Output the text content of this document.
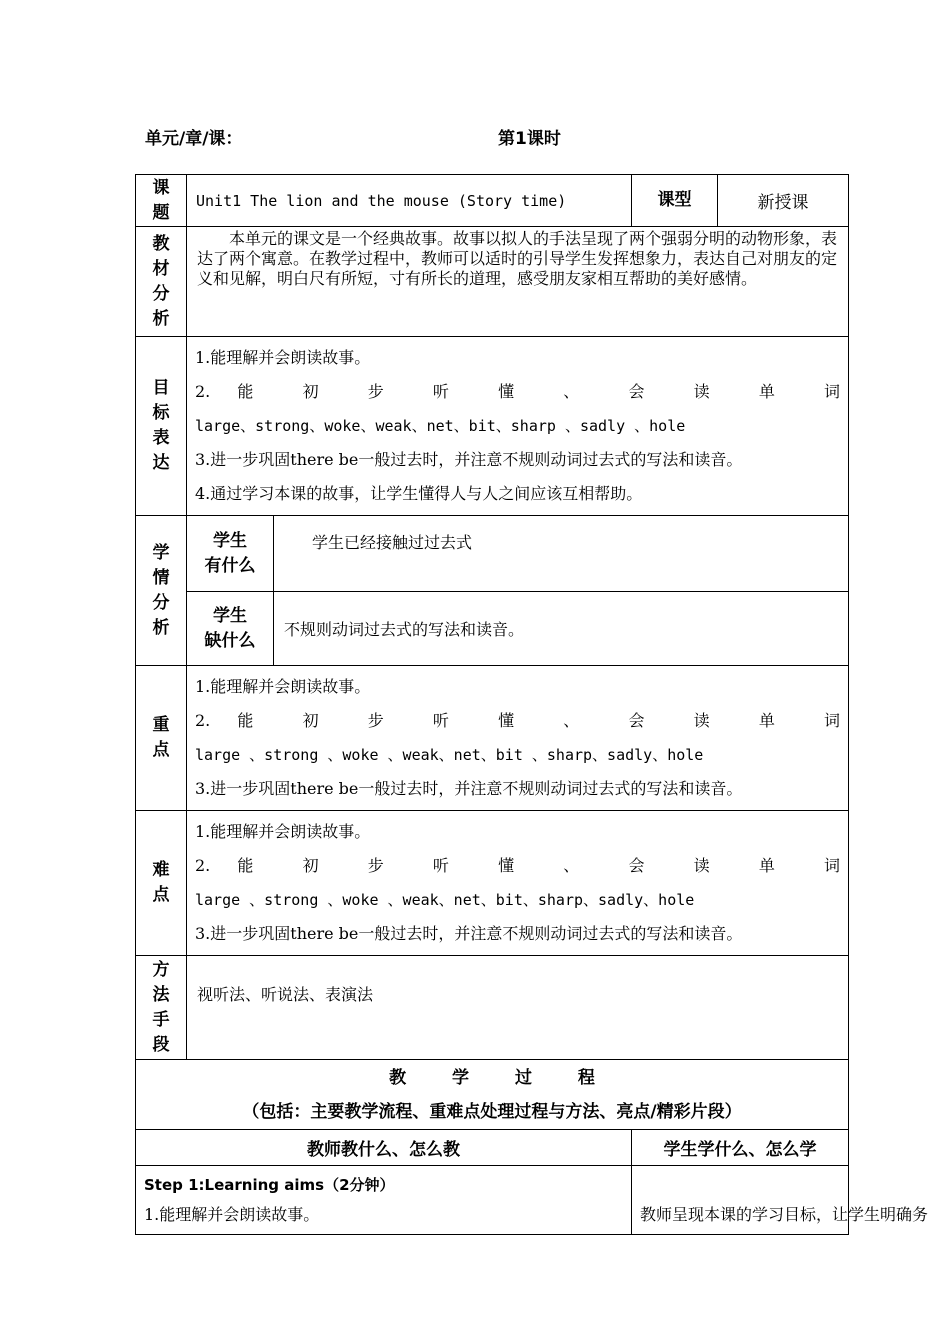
单元/章/课：	第1课时
课
题	Unit1 The lion and the mouse (Story time)		课型	新授课

教
材
分
析	本单元的课文是一个经典故事。故事以拟人的手法呈现了两个强弱分明的动物形象，表达了两个寓意。在教学过程中，教师可以适时的引导学生发挥想象力，表达自己对朋友的定义和见解，明白尺有所短，寸有所长的道理，感受朋友家相互帮助的美好感情。			

目
标
表
达	1.能理解并会朗读故事。
2. 能 初 步 听 懂 、 会 读 单 词
large、strong、woke、weak、net、bit、sharp 、sadly 、hole
3.进一步巩固there be一般过去时，并注意不规则动词过去式的写法和读音。
4.通过学习本课的故事，让学生懂得人与人之间应该互相帮助。			

学
情
分
析	学生
有什么	学生已经接触过过去式		

	学生
缺什么	不规则动词过去式的写法和读音。		

重
点	1.能理解并会朗读故事。
2. 能 初 步 听 懂 、 会 读 单 词
large 、strong 、woke 、weak、net、bit 、sharp、sadly、hole
3.进一步巩固there be一般过去时，并注意不规则动词过去式的写法和读音。			

难
点	1.能理解并会朗读故事。
2. 能 初 步 听 懂 、 会 读 单 词
large 、strong 、woke 、weak、net、bit、sharp、sadly、hole
3.进一步巩固there be一般过去时，并注意不规则动词过去式的写法和读音。			

方
法
手
段	视听法、听说法、表演法			

教 学 过 程
（包括：主要教学流程、重难点处理过程与方法、亮点/精彩片段）				

教师教什么、怎么教			学生学什么、怎么学	

Step 1:Learning aims（2分钟）
1.能理解并会朗读故事。			教师呈现本课的学习目标，让学生明确务	
